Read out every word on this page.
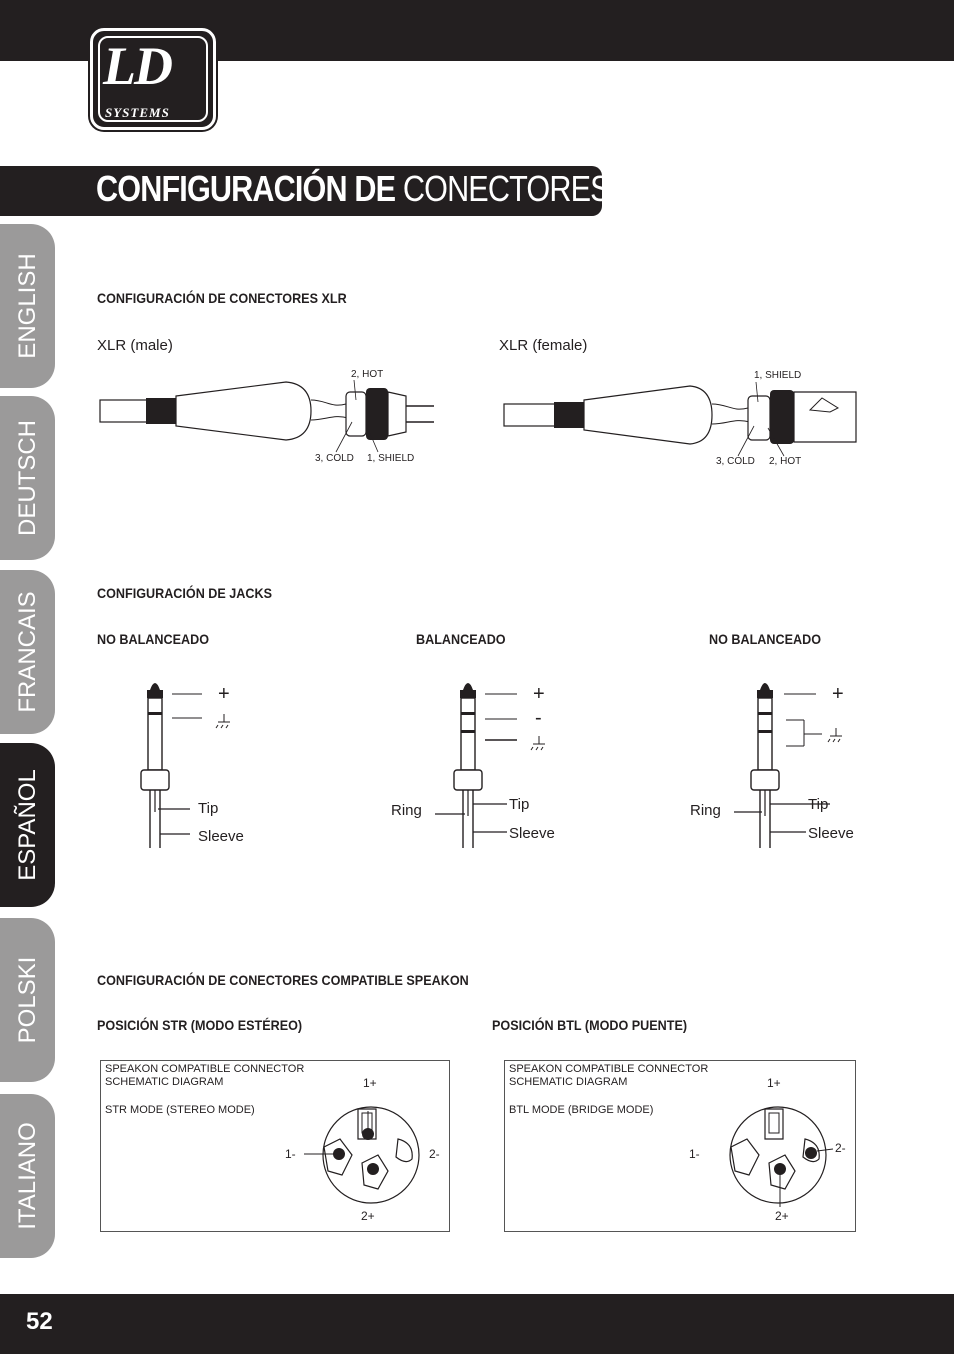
LD
SYSTEMS
CONFIGURACIÓN DE CONECTORES:
ENGLISH
DEUTSCH
FRANCAIS
ESPAÑOL
POLSKI
ITALIANO
CONFIGURACIÓN DE CONECTORES XLR
XLR (male)	XLR (female)
2, HOT
3, COLD 1, SHIELD
1, SHIELD
3, COLD 2, HOT
CONFIGURACIÓN DE JACKS
NO BALANCEADO	BALANCEADO	NO BALANCEADO
+
Tip
Sleeve
+
-
Ring	Tip
Sleeve
+
Ring	Tip
Sleeve
CONFIGURACIÓN DE CONECTORES COMPATIBLE SPEAKON
POSICIÓN STR (MODO ESTÉREO)	POSICIÓN BTL (MODO PUENTE)
SPEAKON COMPATIBLE CONNECTOR
SCHEMATIC DIAGRAM
STR MODE (STEREO MODE)
1+
1-	2-
2+
SPEAKON COMPATIBLE CONNECTOR
SCHEMATIC DIAGRAM
BTL MODE (BRIDGE MODE)
1+
1-	2-
2+
52
